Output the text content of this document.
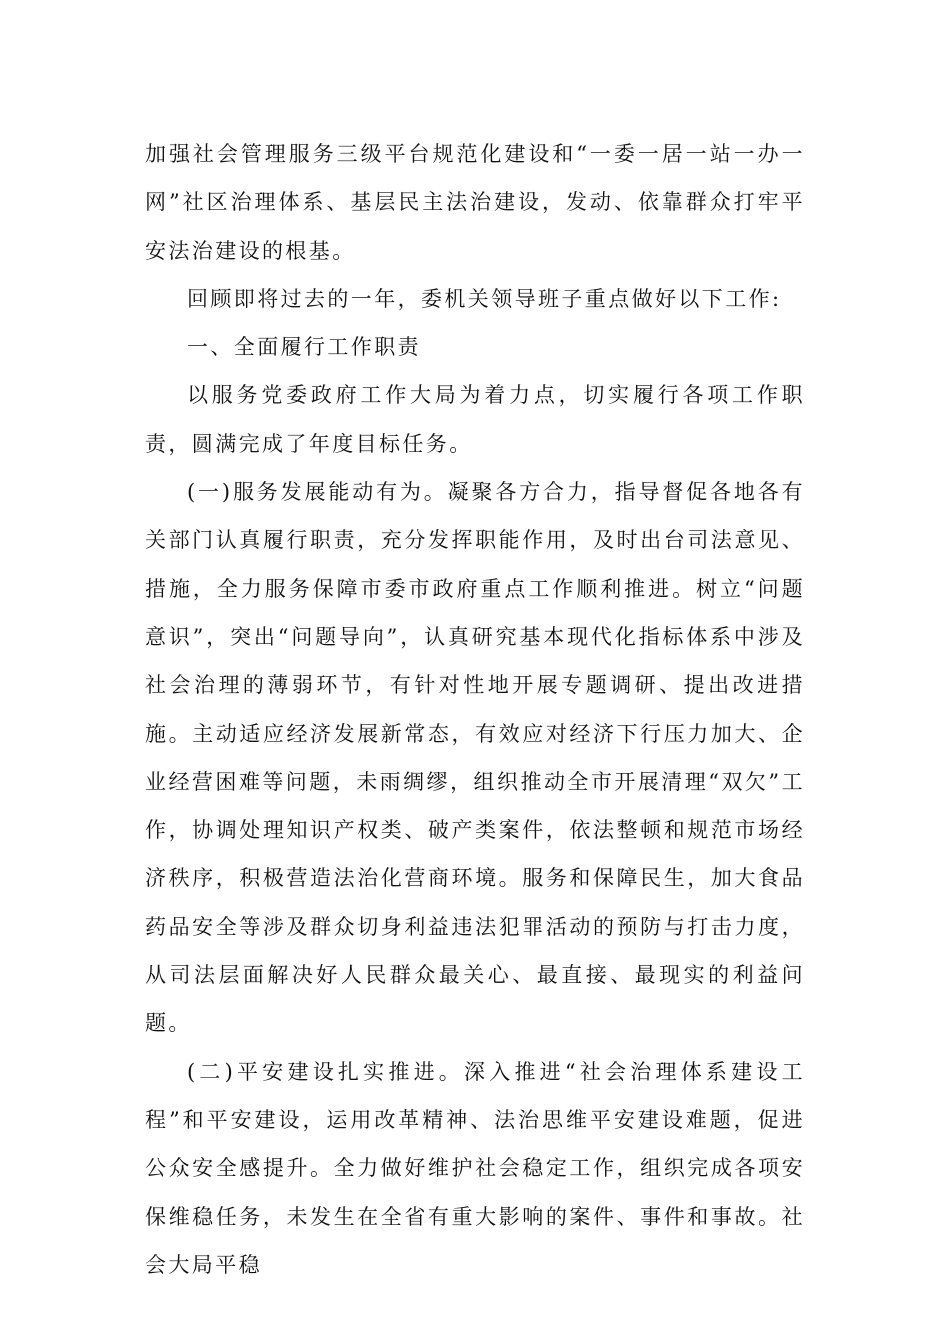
加强社会管理服务三级平台规范化建设和“一委一居一站一办一网”社区治理体系、基层民主法治建设，发动、依靠群众打牢平安法治建设的根基。

回顾即将过去的一年，委机关领导班子重点做好以下工作:

一、全面履行工作职责

以服务党委政府工作大局为着力点，切实履行各项工作职责，圆满完成了年度目标任务。

(一)服务发展能动有为。凝聚各方合力，指导督促各地各有关部门认真履行职责，充分发挥职能作用，及时出台司法意见、措施，全力服务保障市委市政府重点工作顺利推进。树立“问题意识”，突出“问题导向”，认真研究基本现代化指标体系中涉及社会治理的薄弱环节，有针对性地开展专题调研、提出改进措施。主动适应经济发展新常态，有效应对经济下行压力加大、企业经营困难等问题，未雨绸缪，组织推动全市开展清理“双欠”工作，协调处理知识产权类、破产类案件，依法整顿和规范市场经济秩序，积极营造法治化营商环境。服务和保障民生，加大食品药品安全等涉及群众切身利益违法犯罪活动的预防与打击力度，从司法层面解决好人民群众最关心、最直接、最现实的利益问题。

(二)平安建设扎实推进。深入推进“社会治理体系建设工程”和平安建设，运用改革精神、法治思维平安建设难题，促进公众安全感提升。全力做好维护社会稳定工作，组织完成各项安保维稳任务，未发生在全省有重大影响的案件、事件和事故。社会大局平稳
